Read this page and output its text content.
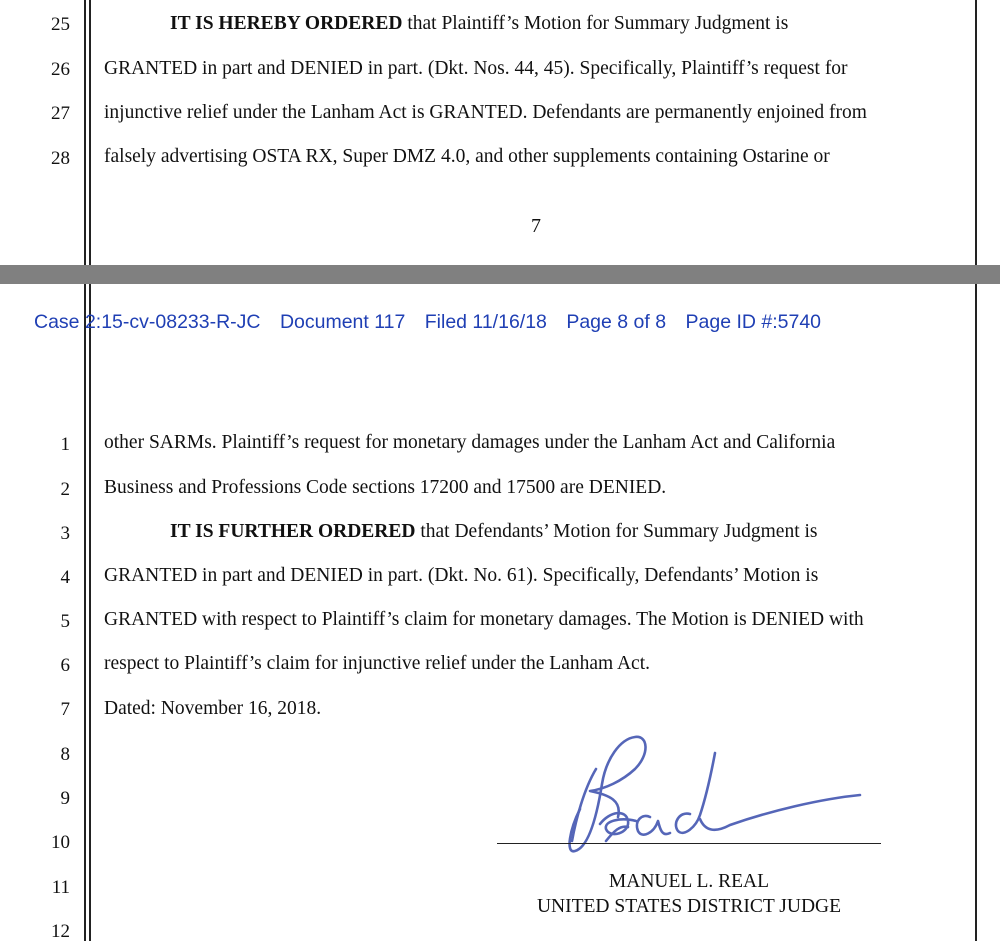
25	IT IS HEREBY ORDERED that Plaintiff’s Motion for Summary Judgment is
26 GRANTED in part and DENIED in part. (Dkt. Nos. 44, 45). Specifically, Plaintiff’s request for
27 injunctive relief under the Lanham Act is GRANTED. Defendants are permanently enjoined from
28 falsely advertising OSTA RX, Super DMZ 4.0, and other supplements containing Ostarine or
7
Case 2:15-cv-08233-R-JC Document 117 Filed 11/16/18 Page 8 of 8 Page ID #:5740
1 other SARMs. Plaintiff’s request for monetary damages under the Lanham Act and California
2 Business and Professions Code sections 17200 and 17500 are DENIED.
3	IT IS FURTHER ORDERED that Defendants’ Motion for Summary Judgment is
4 GRANTED in part and DENIED in part. (Dkt. No. 61). Specifically, Defendants’ Motion is
5 GRANTED with respect to Plaintiff’s claim for monetary damages. The Motion is DENIED with
6 respect to Plaintiff’s claim for injunctive relief under the Lanham Act.
7 Dated: November 16, 2018.
8
9
10
11
12
MANUEL L. REAL
UNITED STATES DISTRICT JUDGE
